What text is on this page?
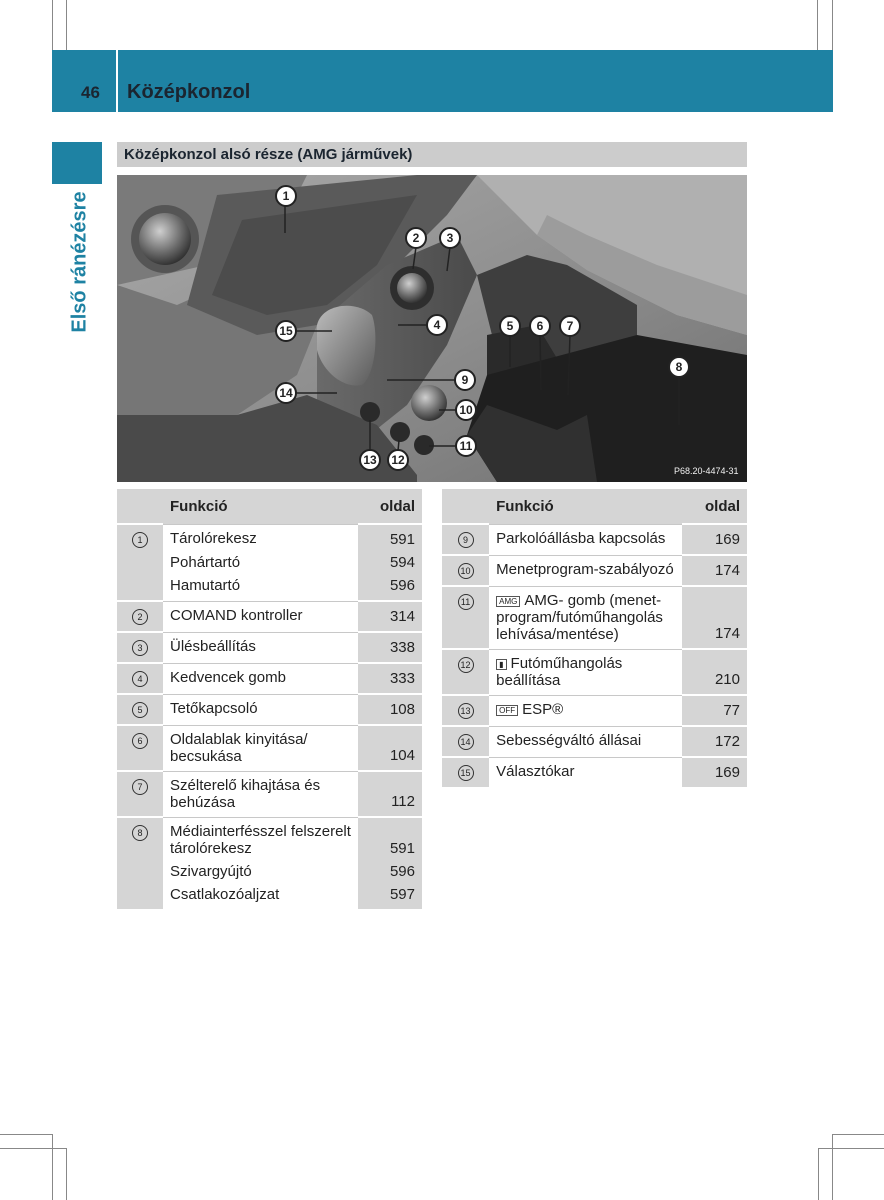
46 Középkonzol
Első ránézésre
Középkonzol alsó része (AMG járművek)
1
2 3
4	5 6 7
8
9
10
11
12
13
14
15
P68.20-4474-31
	Funkció	oldal
1	Tárolórekesz	591
	Pohártartó	594
	Hamutartó	596
2	COMAND kontroller	314
3	Ülésbeállítás	338
4	Kedvencek gomb	333
5	Tetőkapcsoló	108
6	Oldalablak kinyitása/ becsukása	104
7	Szélterelő kihajtása és behúzása	112
8	Médiainterfésszel felszerelt tárolórekesz	591
	Szivargyújtó	596
	Csatlakozóaljzat	597
	Funkció	oldal
9	Parkolóállásba kapcsolás	169
10	Menetprogram-szabályozó	174
11	AMG AMG- gomb (menet- program/futóműhangolás lehívása/mentése)	174
12	▮ Futóműhangolás beállítása	210
13	OFF ESP®	77
14	Sebességváltó állásai	172
15	Választókar	169
